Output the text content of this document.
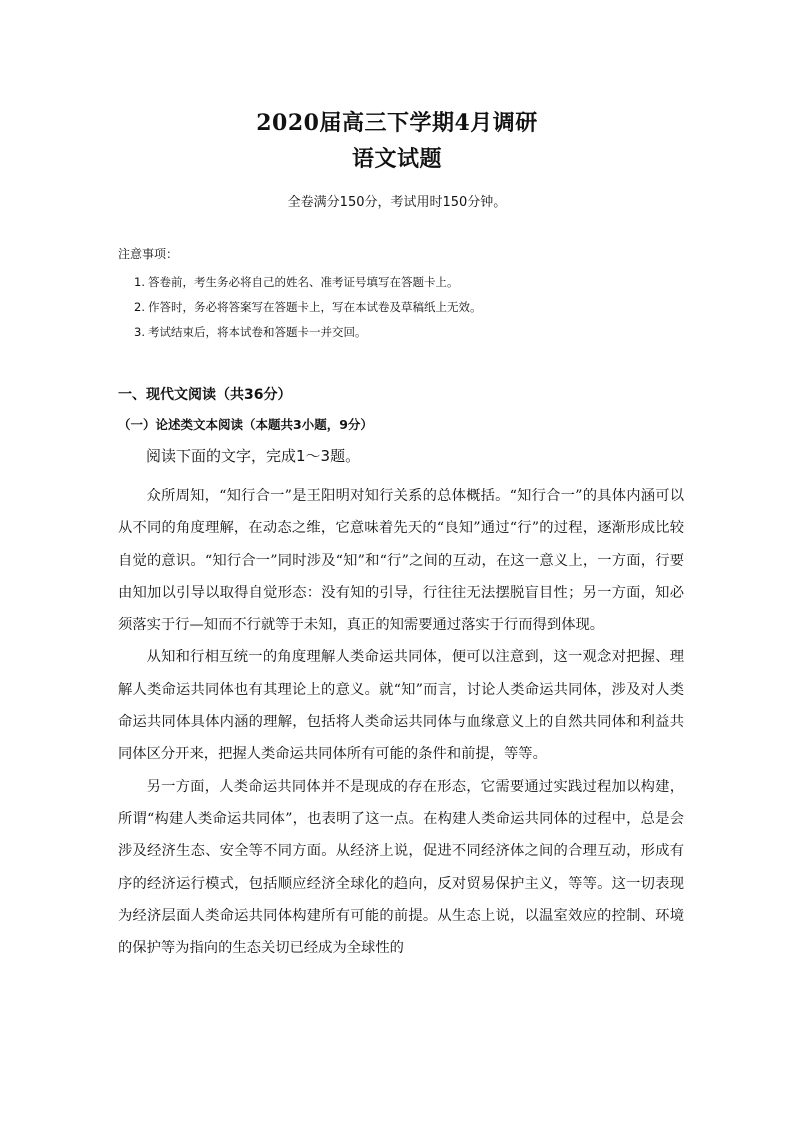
2020届高三下学期4月调研
语文试题
全卷满分150分，考试用时150分钟。
注意事项：
1. 答卷前，考生务必将自己的姓名、准考证号填写在答题卡上。
2. 作答时，务必将答案写在答题卡上，写在本试卷及草稿纸上无效。
3. 考试结束后，将本试卷和答题卡一并交回。
一、现代文阅读（共36分）
（一）论述类文本阅读（本题共3小题，9分）
阅读下面的文字，完成1～3题。

众所周知，“知行合一”是王阳明对知行关系的总体概括。“知行合一”的具体内涵可以从不同的角度理解，在动态之维，它意味着先天的“良知”通过“行”的过程，逐渐形成比较自觉的意识。“知行合一”同时涉及“知”和“行”之间的互动，在这一意义上，一方面，行要由知加以引导以取得自觉形态：没有知的引导，行往往无法摆脱盲目性；另一方面，知必须落实于行—知而不行就等于未知，真正的知需要通过落实于行而得到体现。

从知和行相互统一的角度理解人类命运共同体，便可以注意到，这一观念对把握、理解人类命运共同体也有其理论上的意义。就“知”而言，讨论人类命运共同体，涉及对人类命运共同体具体内涵的理解，包括将人类命运共同体与血缘意义上的自然共同体和利益共同体区分开来，把握人类命运共同体所有可能的条件和前提，等等。

另一方面，人类命运共同体并不是现成的存在形态，它需要通过实践过程加以构建，所谓“构建人类命运共同体”，也表明了这一点。在构建人类命运共同体的过程中，总是会涉及经济生态、安全等不同方面。从经济上说，促进不同经济体之间的合理互动，形成有序的经济运行模式，包括顺应经济全球化的趋向，反对贸易保护主义，等等。这一切表现为经济层面人类命运共同体构建所有可能的前提。从生态上说，以温室效应的控制、环境的保护等为指向的生态关切已经成为全球性的
